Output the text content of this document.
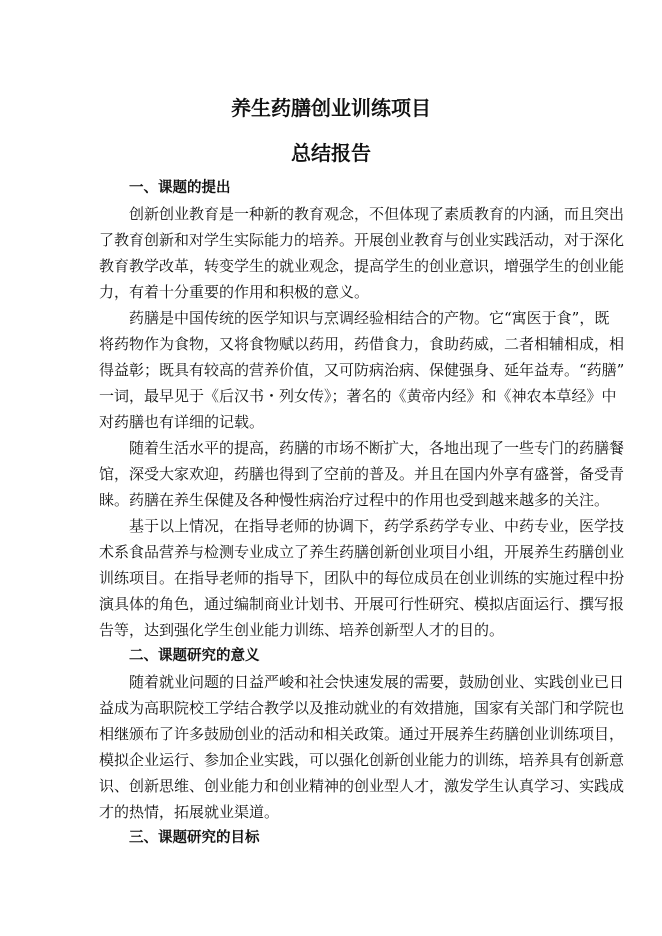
养生药膳创业训练项目
总结报告
一、课题的提出
创新创业教育是一种新的教育观念，不但体现了素质教育的内涵，而且突出
了教育创新和对学生实际能力的培养。开展创业教育与创业实践活动，对于深化
教育教学改革，转变学生的就业观念，提高学生的创业意识，增强学生的创业能
力，有着十分重要的作用和积极的意义。
药膳是中国传统的医学知识与烹调经验相结合的产物。它“寓医于食”，既
将药物作为食物，又将食物赋以药用，药借食力，食助药威，二者相辅相成，相
得益彰；既具有较高的营养价值，又可防病治病、保健强身、延年益寿。“药膳”
一词，最早见于《后汉书・列女传》；著名的《黄帝内经》和《神农本草经》中
对药膳也有详细的记载。
随着生活水平的提高，药膳的市场不断扩大，各地出现了一些专门的药膳餐
馆，深受大家欢迎，药膳也得到了空前的普及。并且在国内外享有盛誉，备受青
睐。药膳在养生保健及各种慢性病治疗过程中的作用也受到越来越多的关注。
基于以上情况，在指导老师的协调下，药学系药学专业、中药专业，医学技
术系食品营养与检测专业成立了养生药膳创新创业项目小组，开展养生药膳创业
训练项目。在指导老师的指导下，团队中的每位成员在创业训练的实施过程中扮
演具体的角色，通过编制商业计划书、开展可行性研究、模拟店面运行、撰写报
告等，达到强化学生创业能力训练、培养创新型人才的目的。
二、课题研究的意义
随着就业问题的日益严峻和社会快速发展的需要，鼓励创业、实践创业已日
益成为高职院校工学结合教学以及推动就业的有效措施，国家有关部门和学院也
相继颁布了许多鼓励创业的活动和相关政策。通过开展养生药膳创业训练项目，
模拟企业运行、参加企业实践，可以强化创新创业能力的训练，培养具有创新意
识、创新思维、创业能力和创业精神的创业型人才，激发学生认真学习、实践成
才的热情，拓展就业渠道。
三、课题研究的目标
